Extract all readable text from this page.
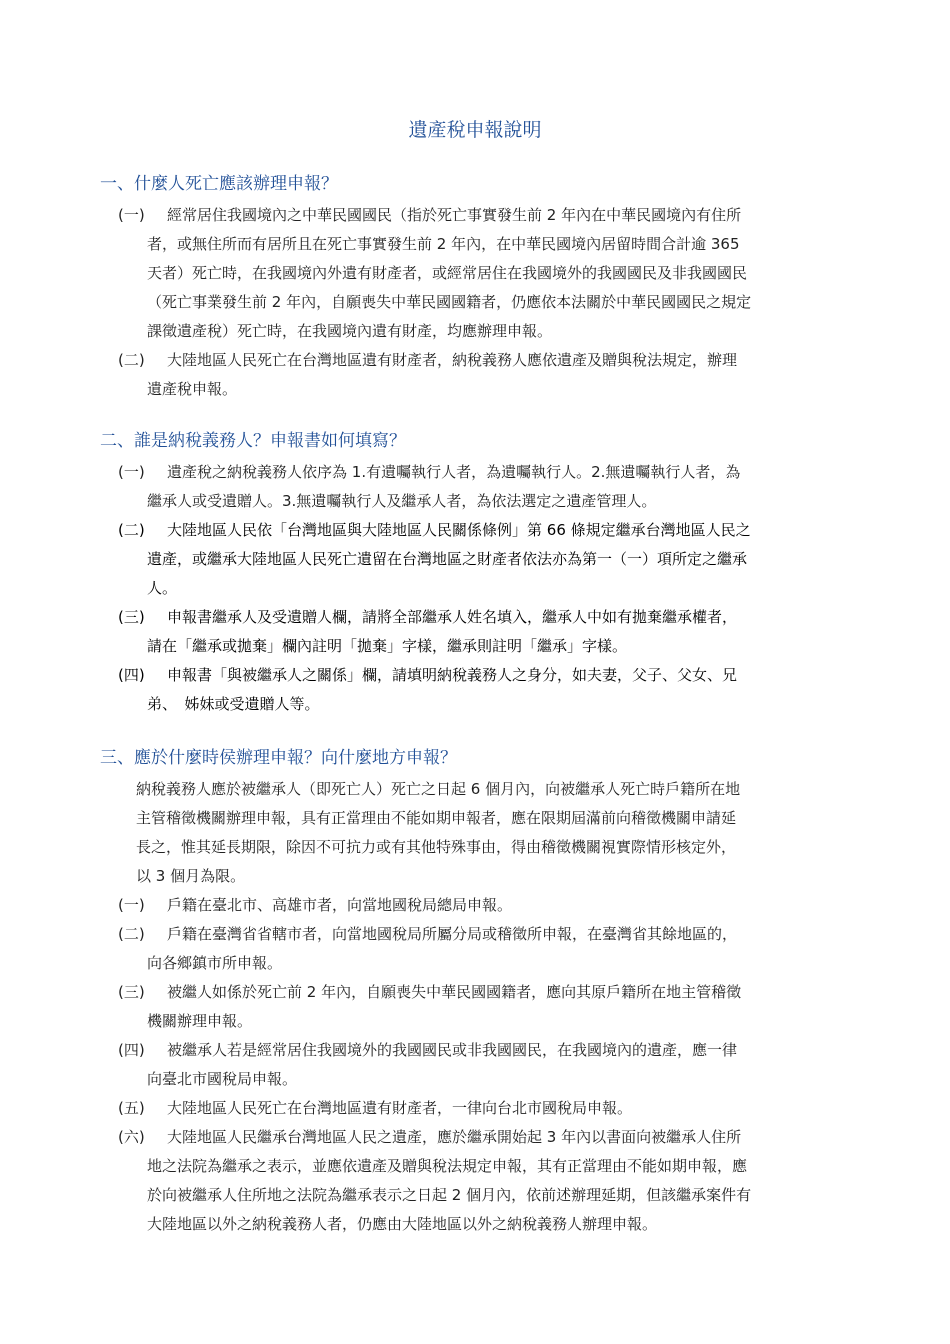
遺產稅申報說明
一、什麼人死亡應該辦理申報？
(一)	經常居住我國境內之中華民國國民（指於死亡事實發生前 2 年內在中華民國境內有住所
者，或無住所而有居所且在死亡事實發生前 2 年內，在中華民國境內居留時間合計逾 365
天者）死亡時，在我國境內外遺有財產者，或經常居住在我國境外的我國國民及非我國國民
（死亡事業發生前 2 年內，自願喪失中華民國國籍者，仍應依本法關於中華民國國民之規定
課徵遺產稅）死亡時，在我國境內遺有財產，均應辦理申報。
(二)	大陸地區人民死亡在台灣地區遺有財產者，納稅義務人應依遺產及贈與稅法規定，辦理
遺產稅申報。
二、誰是納稅義務人？申報書如何填寫？
(一)	遺產稅之納稅義務人依序為 1.有遺囑執行人者，為遺囑執行人。2.無遺囑執行人者，為
繼承人或受遺贈人。3.無遺囑執行人及繼承人者，為依法選定之遺產管理人。
(二)	大陸地區人民依「台灣地區與大陸地區人民關係條例」第 66 條規定繼承台灣地區人民之
遺產，或繼承大陸地區人民死亡遺留在台灣地區之財產者依法亦為第一（一）項所定之繼承
人。
(三)	申報書繼承人及受遺贈人欄，請將全部繼承人姓名填入，繼承人中如有拋棄繼承權者，
請在「繼承或拋棄」欄內註明「拋棄」字樣，繼承則註明「繼承」字樣。
(四)	申報書「與被繼承人之關係」欄，請填明納稅義務人之身分，如夫妻，父子、父女、兄
弟、　姊妹或受遺贈人等。
三、應於什麼時侯辦理申報？向什麼地方申報？
納稅義務人應於被繼承人（即死亡人）死亡之日起 6 個月內，向被繼承人死亡時戶籍所在地
主管稽徵機關辦理申報，具有正當理由不能如期申報者，應在限期屆滿前向稽徵機關申請延
長之，惟其延長期限，除因不可抗力或有其他特殊事由，得由稽徵機關視實際情形核定外，
以 3 個月為限。
(一)	戶籍在臺北市、高雄市者，向當地國稅局總局申報。
(二)	戶籍在臺灣省省轄市者，向當地國稅局所屬分局或稽徵所申報，在臺灣省其餘地區的，
向各鄉鎮市所申報。
(三)	被繼人如係於死亡前 2 年內，自願喪失中華民國國籍者，應向其原戶籍所在地主管稽徵
機關辦理申報。
(四)	被繼承人若是經常居住我國境外的我國國民或非我國國民，在我國境內的遺產，應一律
向臺北市國稅局申報。
(五)	大陸地區人民死亡在台灣地區遺有財產者，一律向台北市國稅局申報。
(六)	大陸地區人民繼承台灣地區人民之遺產，應於繼承開始起 3 年內以書面向被繼承人住所
地之法院為繼承之表示，並應依遺產及贈與稅法規定申報，其有正當理由不能如期申報，應
於向被繼承人住所地之法院為繼承表示之日起 2 個月內，依前述辦理延期，但該繼承案件有
大陸地區以外之納稅義務人者，仍應由大陸地區以外之納稅義務人辦理申報。
